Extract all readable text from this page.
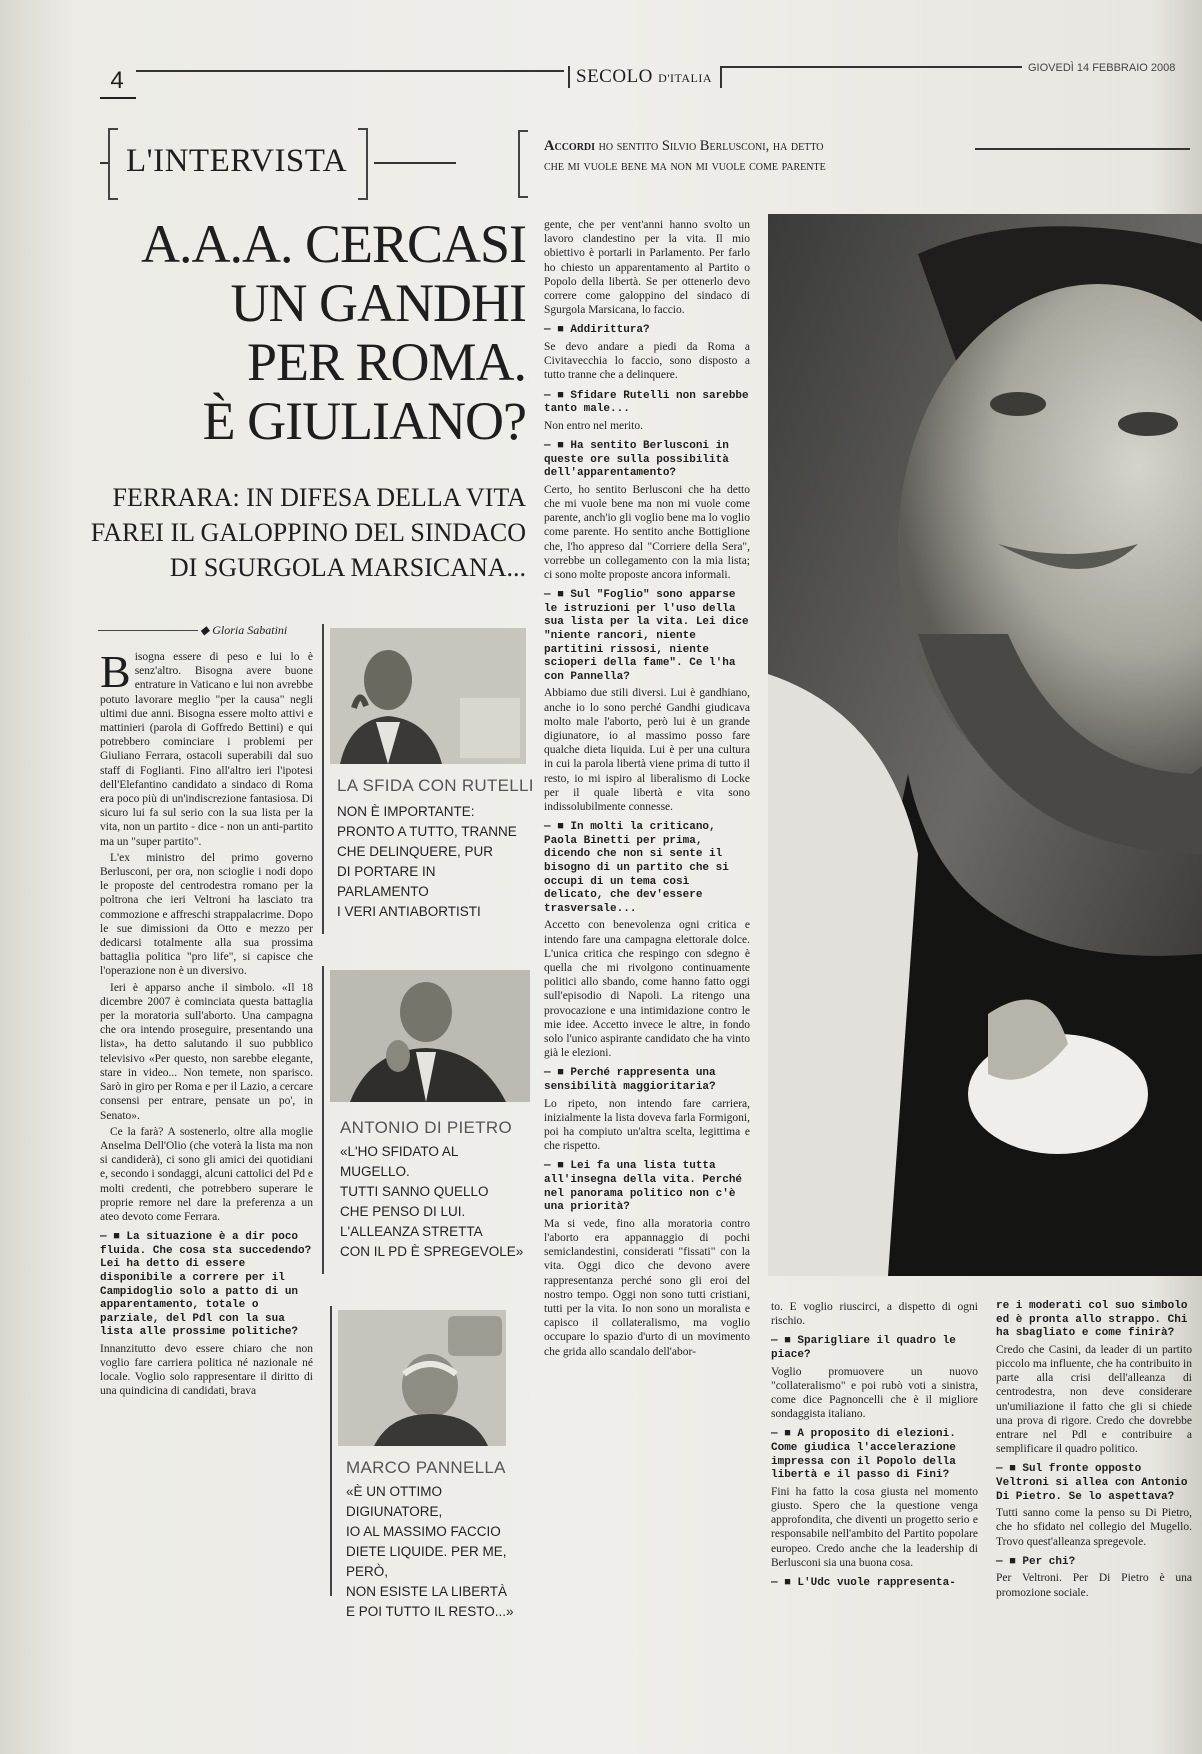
4	SECOLO D'ITALIA
GIOVEDÌ 14 FEBBRAIO 2008
L'INTERVISTA	Accordi ho sentito Silvio Berlusconi, ha detto
che mi vuole bene ma non mi vuole come parente
A.A.A. CERCASI
UN GANDHI
PER ROMA.
È GIULIANO?
FERRARA: IN DIFESA DELLA VITA
FAREI IL GALOPPINO DEL SINDACO
DI SGURGOLA MARSICANA...
◆ Gloria Sabatini

Bisogna essere di peso e lui lo è senz'altro. Bisogna avere buone entrature in Vaticano e lui non avrebbe potuto lavorare meglio "per la causa" negli ultimi due anni. Bisogna essere molto attivi e mattinieri (parola di Goffredo Bettini) e qui potrebbero cominciare i problemi per Giuliano Ferrara, ostacoli superabili dal suo staff di Foglianti. Fino all'altro ieri l'ipotesi dell'Elefantino candidato a sindaco di Roma era poco più di un'indiscrezione fantasiosa. Di sicuro lui fa sul serio con la sua lista per la vita, non un partito - dice - non un anti-partito ma un "super partito".

L'ex ministro del primo governo Berlusconi, per ora, non scioglie i nodi dopo le proposte del centrodestra romano per la poltrona che ieri Veltroni ha lasciato tra commozione e affreschi strappalacrime. Dopo le sue dimissioni da Otto e mezzo per dedicarsi totalmente alla sua prossima battaglia politica "pro life", si capisce che l'operazione non è un diversivo.

Ieri è apparso anche il simbolo. «Il 18 dicembre 2007 è cominciata questa battaglia per la moratoria sull'aborto. Una campagna che ora intendo proseguire, presentando una lista», ha detto salutando il suo pubblico televisivo «Per questo, non sarebbe elegante, stare in video... Non temete, non sparisco. Sarò in giro per Roma e per il Lazio, a cercare consensi per entrare, pensate un po', in Senato».

Ce la farà? A sostenerlo, oltre alla moglie Anselma Dell'Olio (che voterà la lista ma non si candiderà), ci sono gli amici dei quotidiani e, secondo i sondaggi, alcuni cattolici del Pd e molti credenti, che potrebbero superare le proprie remore nel dare la preferenza a un ateo devoto come Ferrara.

— ■ La situazione è a dir poco fluida. Che cosa sta succedendo? Lei ha detto di essere disponibile a correre per il Campidoglio solo a patto di un apparentamento, totale o parziale, del Pdl con la sua lista alle prossime politiche?

Innanzitutto devo essere chiaro che non voglio fare carriera politica né nazionale né locale. Voglio solo rappresentare il diritto di una quindicina di candidati, brava

LA SFIDA CON RUTELLI
NON È IMPORTANTE:
PRONTO A TUTTO, TRANNE
CHE DELINQUERE, PUR
DI PORTARE IN PARLAMENTO
I VERI ANTIABORTISTI
ANTONIO DI PIETRO
«L'HO SFIDATO AL MUGELLO.
TUTTI SANNO QUELLO
CHE PENSO DI LUI.
L'ALLEANZA STRETTA
CON IL PD È SPREGEVOLE»
MARCO PANNELLA
«È UN OTTIMO DIGIUNATORE,
IO AL MASSIMO FACCIO
DIETE LIQUIDE. PER ME, PERÒ,
NON ESISTE LA LIBERTÀ
E POI TUTTO IL RESTO...»

gente, che per vent'anni hanno svolto un lavoro clandestino per la vita. Il mio obiettivo è portarli in Parlamento. Per farlo ho chiesto un apparentamento al Partito o Popolo della libertà. Se per ottenerlo devo correre come galoppino del sindaco di Sgurgola Marsicana, lo faccio.

— ■ Addirittura?

Se devo andare a piedi da Roma a Civitavecchia lo faccio, sono disposto a tutto tranne che a delinquere.

— ■ Sfidare Rutelli non sarebbe tanto male...

Non entro nel merito.

— ■ Ha sentito Berlusconi in queste ore sulla possibilità dell'apparentamento?

Certo, ho sentito Berlusconi che ha detto che mi vuole bene ma non mi vuole come parente, anch'io gli voglio bene ma lo voglio come parente. Ho sentito anche Bottiglione che, l'ho appreso dal "Corriere della Sera", vorrebbe un collegamento con la mia lista; ci sono molte proposte ancora informali.

— ■ Sul "Foglio" sono apparse le istruzioni per l'uso della sua lista per la vita. Lei dice "niente rancori, niente partitini rissosi, niente scioperi della fame". Ce l'ha con Pannella?

Abbiamo due stili diversi. Lui è gandhiano, anche io lo sono perché Gandhi giudicava molto male l'aborto, però lui è un grande digiunatore, io al massimo posso fare qualche dieta liquida. Lui è per una cultura in cui la parola libertà viene prima di tutto il resto, io mi ispiro al liberalismo di Locke per il quale libertà e vita sono indissolubilmente connesse.

— ■ In molti la criticano, Paola Binetti per prima, dicendo che non si sente il bisogno di un partito che si occupi di un tema così delicato, che dev'essere trasversale...

Accetto con benevolenza ogni critica e intendo fare una campagna elettorale dolce. L'unica critica che respingo con sdegno è quella che mi rivolgono continuamente politici allo sbando, come hanno fatto oggi sull'episodio di Napoli. La ritengo una provocazione e una intimidazione contro le mie idee. Accetto invece le altre, in fondo solo l'unico aspirante candidato che ha vinto già le elezioni.

— ■ Perché rappresenta una sensibilità maggioritaria?

Lo ripeto, non intendo fare carriera, inizialmente la lista doveva farla Formigoni, poi ha compiuto un'altra scelta, legittima e che rispetto.

— ■ Lei fa una lista tutta all'insegna della vita. Perché nel panorama politico non c'è una priorità?

Ma si vede, fino alla moratoria contro l'aborto era appannaggio di pochi semiclandestini, considerati "fissati" con la vita. Oggi dico che devono avere rappresentanza perché sono gli eroi del nostro tempo. Oggi non sono tutti cristiani, tutti per la vita. Io non sono un moralista e capisco il collateralismo, ma voglio occupare lo spazio d'urto di un movimento che grida allo scandalo dell'abor-

to. E voglio riuscirci, a dispetto di ogni rischio.

— ■ Sparigliare il quadro le piace?

Voglio promuovere un nuovo "collateralismo" e poi rubò voti a sinistra, come dice Pagnoncelli che è il migliore sondaggista italiano.

— ■ A proposito di elezioni. Come giudica l'accelerazione impressa con il Popolo della libertà e il passo di Fini?

Fini ha fatto la cosa giusta nel momento giusto. Spero che la questione venga approfondita, che diventi un progetto serio e responsabile nell'ambito del Partito popolare europeo. Credo anche che la leadership di Berlusconi sia una buona cosa.

— ■ L'Udc vuole rappresenta-

re i moderati col suo simbolo ed è pronta allo strappo. Chi ha sbagliato e come finirà?

Credo che Casini, da leader di un partito piccolo ma influente, che ha contribuito in parte alla crisi dell'alleanza di centrodestra, non deve considerare un'umiliazione il fatto che gli si chiede una prova di rigore. Credo che dovrebbe entrare nel Pdl e contribuire a semplificare il quadro politico.

— ■ Sul fronte opposto Veltroni si allea con Antonio Di Pietro. Se lo aspettava?

Tutti sanno come la penso su Di Pietro, che ho sfidato nel collegio del Mugello. Trovo quest'alleanza spregevole.

— ■ Per chi?

Per Veltroni. Per Di Pietro è una promozione sociale.
